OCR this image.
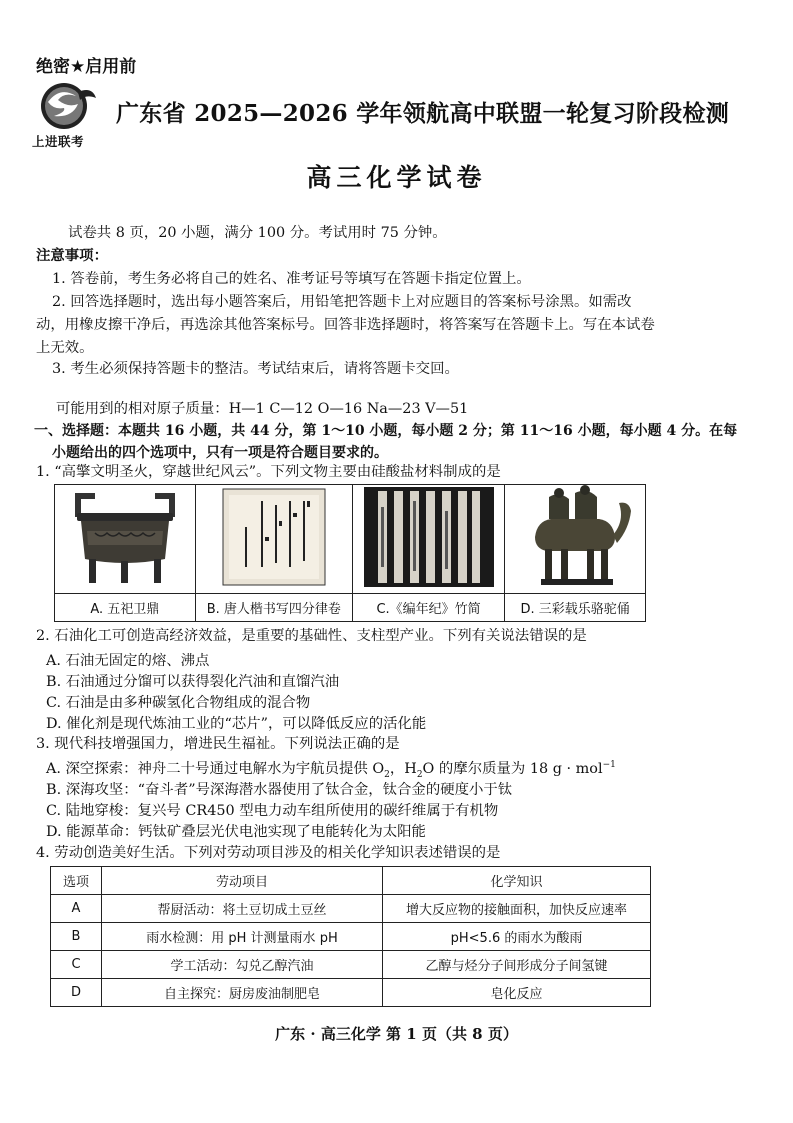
绝密★启用前
上进联考
广东省 2025—2026 学年领航高中联盟一轮复习阶段检测
高三化学试卷
试卷共 8 页，20 小题，满分 100 分。考试用时 75 分钟。
注意事项：
1. 答卷前，考生务必将自己的姓名、准考证号等填写在答题卡指定位置上。
2. 回答选择题时，选出每小题答案后，用铅笔把答题卡上对应题目的答案标号涂黑。如需改
动，用橡皮擦干净后，再选涂其他答案标号。回答非选择题时，将答案写在答题卡上。写在本试卷
上无效。
3. 考生必须保持答题卡的整洁。考试结束后，请将答题卡交回。
可能用到的相对原子质量：H—1 C—12 O—16 Na—23 V—51
一、选择题：本题共 16 小题，共 44 分，第 1～10 小题，每小题 2 分；第 11～16 小题，每小题 4 分。在每
小题给出的四个选项中，只有一项是符合题目要求的。
1. “高擎文明圣火，穿越世纪风云”。下列文物主要由硅酸盐材料制成的是

A. 五祀卫鼎	B. 唐人楷书写四分律卷	C.《编年纪》竹简	D. 三彩载乐骆驼俑
2. 石油化工可创造高经济效益，是重要的基础性、支柱型产业。下列有关说法错误的是
A. 石油无固定的熔、沸点
B. 石油通过分馏可以获得裂化汽油和直馏汽油
C. 石油是由多种碳氢化合物组成的混合物
D. 催化剂是现代炼油工业的“芯片”，可以降低反应的活化能
3. 现代科技增强国力，增进民生福祉。下列说法正确的是
A. 深空探索：神舟二十号通过电解水为宇航员提供 $O_2$，$H_2O$ 的摩尔质量为 18 g · mol$^{-1}$
B. 深海攻坚：“奋斗者”号深海潜水器使用了钛合金，钛合金的硬度小于钛
C. 陆地穿梭：复兴号 CR450 型电力动车组所使用的碳纤维属于有机物
D. 能源革命：钙钛矿叠层光伏电池实现了电能转化为太阳能
4. 劳动创造美好生活。下列对劳动项目涉及的相关化学知识表述错误的是
选项	劳动项目	化学知识
A	帮厨活动：将土豆切成土豆丝	增大反应物的接触面积，加快反应速率
B	雨水检测：用 pH 计测量雨水 pH	pH<5.6 的雨水为酸雨
C	学工活动：勾兑乙醇汽油	乙醇与烃分子间形成分子间氢键
D	自主探究：厨房废油制肥皂	皂化反应
广东 · 高三化学 第 1 页（共 8 页）
